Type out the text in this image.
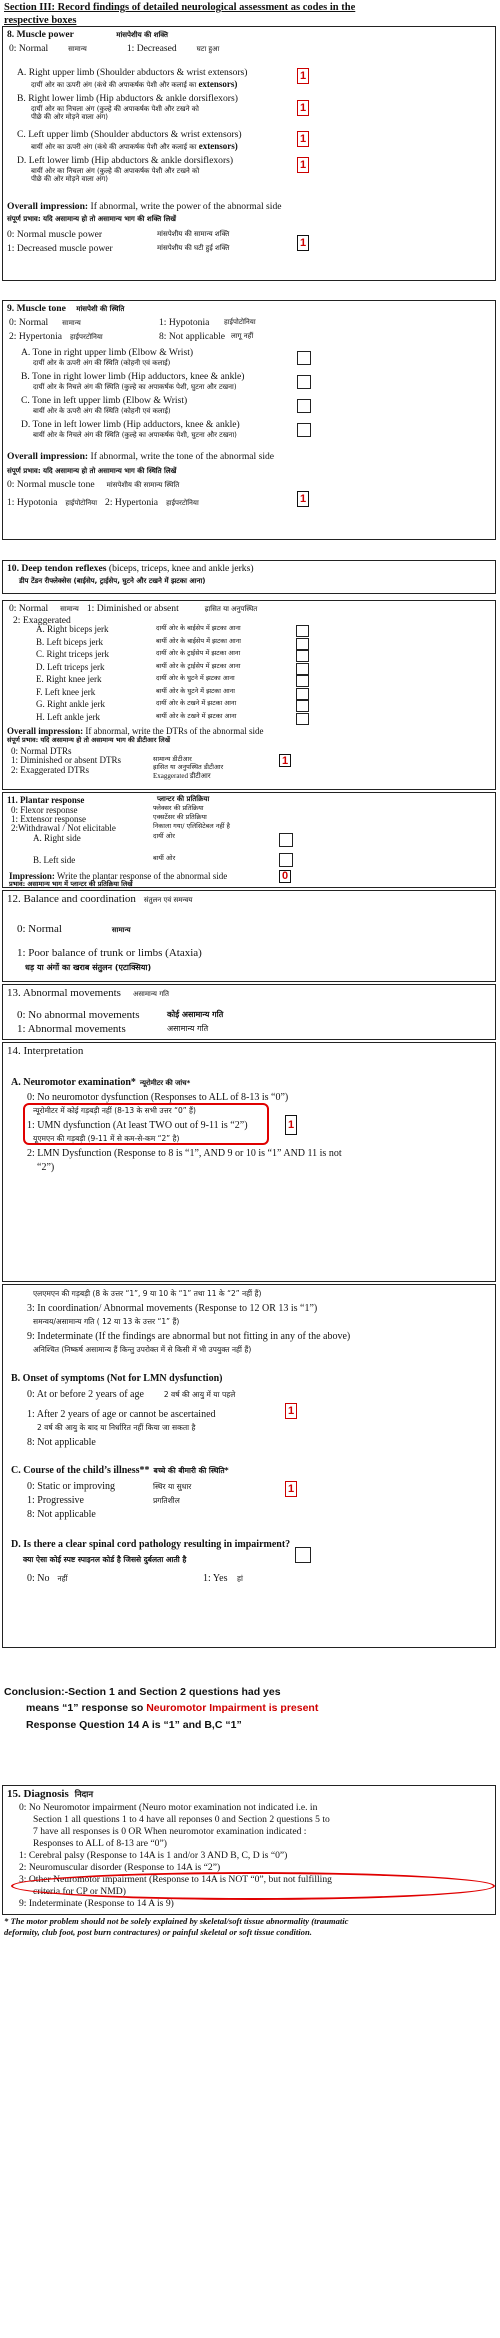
Section III: Record findings of detailed neurological assessment as codes in the
respective boxes
8. Muscle power	मांसपेशीय की शक्ति
0: Normal	सामान्य	1: Decreased	घटा हुआ
A. Right upper limb (Shoulder abductors & wrist extensors)
दायीं ओर का ऊपरी अंग (कंधे की अपाकर्षक पेशी और कलाई का extensors)
1
B. Right lower limb (Hip abductors & ankle dorsiflexors)
दायीं ओर का निचला अंग (कुल्हे की अपाकर्षक पेशी और टखने को
पीछे की ओर मोड़ने वाला अंग)
1
C. Left upper limb (Shoulder abductors & wrist extensors)
बायीं ओर का ऊपरी अंग (कंधे की अपाकर्षक पेशी और कलाई का extensors)
1
D. Left lower limb (Hip abductors & ankle dorsiflexors)
बायीं ओर का निचला अंग (कुल्हे की अपाकर्षक पेशी और टखने को
पीछे की ओर मोड़ने वाला अंग)
1
Overall impression: If abnormal, write the power of the abnormal side
संपूर्ण प्रभाव: यदि असामान्य हो तो असामान्य भाग की शक्ति लिखें
0: Normal muscle power	मांसपेशीय की सामान्य शक्ति
1: Decreased muscle power	मांसपेशीय की घटी हुई शक्ति	1
9. Muscle tone मांसपेशी की स्थिति
0: Normal सामान्य	1: Hypotonia हाईपोटोनिया
2: Hypertonia हाईपरटोनिया	8: Not applicable लागू नहीं
A. Tone in right upper limb (Elbow & Wrist)
दायीं ओर के ऊपरी अंग की स्थिति (कोहनी एवं कलाई)
B. Tone in right lower limb (Hip adductors, knee & ankle)
दायीं ओर के निचले अंग की स्थिति (कुल्हे का अपाकर्षक पेशी, घुटना और टखना)
C. Tone in left upper limb (Elbow & Wrist)
बायीं ओर के ऊपरी अंग की स्थिति (कोहनी एवं कलाई)
D. Tone in left lower limb (Hip adductors, knee & ankle)
बायीं ओर के निचले अंग की स्थिति (कुल्हे का अपाकर्षक पेशी, घुटना और टखना)
Overall impression: If abnormal, write the tone of the abnormal side
संपूर्ण प्रभाव: यदि असामान्य हो तो असामान्य भाग की स्थिति लिखें
0: Normal muscle tone मांसपेशीय की सामान्य स्थिति
1: Hypotonia हाईपोटोनिया 2: Hypertonia हाईपरटोनिया	1
10. Deep tendon reflexes (biceps, triceps, knee and ankle jerks)
डीप टेंडन रीफ्लेक्सेस (बाईसेप, ट्राईसेप, घुटने और टखने में झटका आना)
0: Normal सामान्य 1: Diminished or absent	ह्रासित या अनुपस्थित
2: Exaggerated
A. Right biceps jerk	दायीं ओर के बाईसेप में झटका आना
B. Left biceps jerk	बायीं ओर के बाईसेप में झटका आना
C. Right triceps jerk	दायीं ओर के ट्राईसेप में झटका आना
D. Left triceps jerk	बायीं ओर के ट्राईसेप में झटका आना
E. Right knee jerk	दायीं ओर के घुटने में झटका आना
F. Left knee jerk	बायीं ओर के घुटने में झटका आना
G. Right ankle jerk	दायीं ओर के टखने में झटका आना
H. Left ankle jerk	बायीं ओर के टखने में झटका आना
Overall impression: If abnormal, write the DTRs of the abnormal side
संपूर्ण प्रभाव: यदि असामान्य हो तो असामान्य भाग की डीटीआर लिखें
0: Normal DTRs
सामान्य डीटीआर
1: Diminished or absent DTRs
ह्रासित या अनुपस्थित डीटीआर
2: Exaggerated DTRs
Exaggerated डीटीआर
1
11. Plantar response	प्लान्टर की प्रतिक्रिया
0: Flexor response	फ्लेक्सर की प्रतिक्रिया
1: Extensor response	एक्सटेंसर की प्रतिक्रिया
2:Withdrawal / Not elicitable	निकाला गया/ एलिसिटेबल नहीं है
A. Right side	दायीं ओर
B. Left side	बायीं ओर
Impression: Write the plantar response of the abnormal side
प्रभाव: असामान्य भाग में प्लान्टर की प्रतिक्रिया लिखें
0
12. Balance and coordination संतुलन एवं समन्वय
0: Normal	सामान्य
1: Poor balance of trunk or limbs (Ataxia)
धड़ या अंगों का खराब संतुलन (एटाक्सिया)
13. Abnormal movements असामान्य गति
0: No abnormal movements	कोई असामान्य गति
1: Abnormal movements	असामान्य गति
14. Interpretation
A. Neuromotor examination* न्यूरोमीटर की जांच*
0: No neuromotor dysfunction (Responses to ALL of 8-13 is “0”)
न्यूरोमीटर में कोई गड़बड़ी नहीं (8-13 के सभी उत्तर “0” हैं)
1: UMN dysfunction (At least TWO out of 9-11 is “2”)
यूएमएन की गड़बड़ी (9-11 में से कम-से-कम “2” है)
1
2: LMN Dysfunction (Response to 8 is “1”, AND 9 or 10 is “1” AND 11 is not
“2”)
एलएमएन की गड़बड़ी (8 के उत्तर “1”, 9 या 10 के “1” तथा 11 के “2” नहीं हैं)
3: In coordination/ Abnormal movements (Response to 12 OR 13 is “1”)
समन्वय/असामान्य गति ( 12 या 13 के उत्तर “1” हैं)
9: Indeterminate (If the findings are abnormal but not fitting in any of the above)
अनिश्चित (निष्कर्ष असामान्य हैं किन्तु उपरोक्त में से किसी में भी उपयुक्त नहीं हैं)
B. Onset of symptoms (Not for LMN dysfunction)
0: At or before 2 years of age	2 वर्ष की आयु में या पहले
1: After 2 years of age or cannot be ascertained
2 वर्ष की आयु के बाद या निर्धारित नहीं किया जा सकता है
8: Not applicable
1
C. Course of the child’s illness** बच्चे की बीमारी की स्थिति*
0: Static or improving	स्थिर या सुधार
1: Progressive	प्रगतिशील
8: Not applicable
1
D. Is there a clear spinal cord pathology resulting in impairment?
क्या ऐसा कोई स्पष्ट स्पाइनल कोर्ड है जिससे दुर्बलता आती है
0: No नहीं	1: Yes हां
Conclusion:-Section 1 and Section 2 questions had yes
means “1” response so Neuromotor Impairment is present
Response Question 14 A is “1” and B,C “1”
15. Diagnosis निदान
0: No Neuromotor impairment (Neuro motor examination not indicated i.e. in
Section 1 all questions 1 to 4 have all reponses 0 and Section 2 questions 5 to
7 have all responses is 0 OR When neuromotor examination indicated :
Responses to ALL of 8-13 are “0”)
1: Cerebral palsy (Response to 14A is 1 and/or 3 AND B, C, D is “0”)
2: Neuromuscular disorder (Response to 14A is “2”)
3: Other Neuromotor impairment (Response to 14A is NOT “0”, but not fulfilling
criteria for CP or NMD)
9: Indeterminate (Response to 14 A is 9)
* The motor problem should not be solely explained by skeletal/soft tissue abnormality (traumatic
deformity, club foot, post burn contractures) or painful skeletal or soft tissue condition.
